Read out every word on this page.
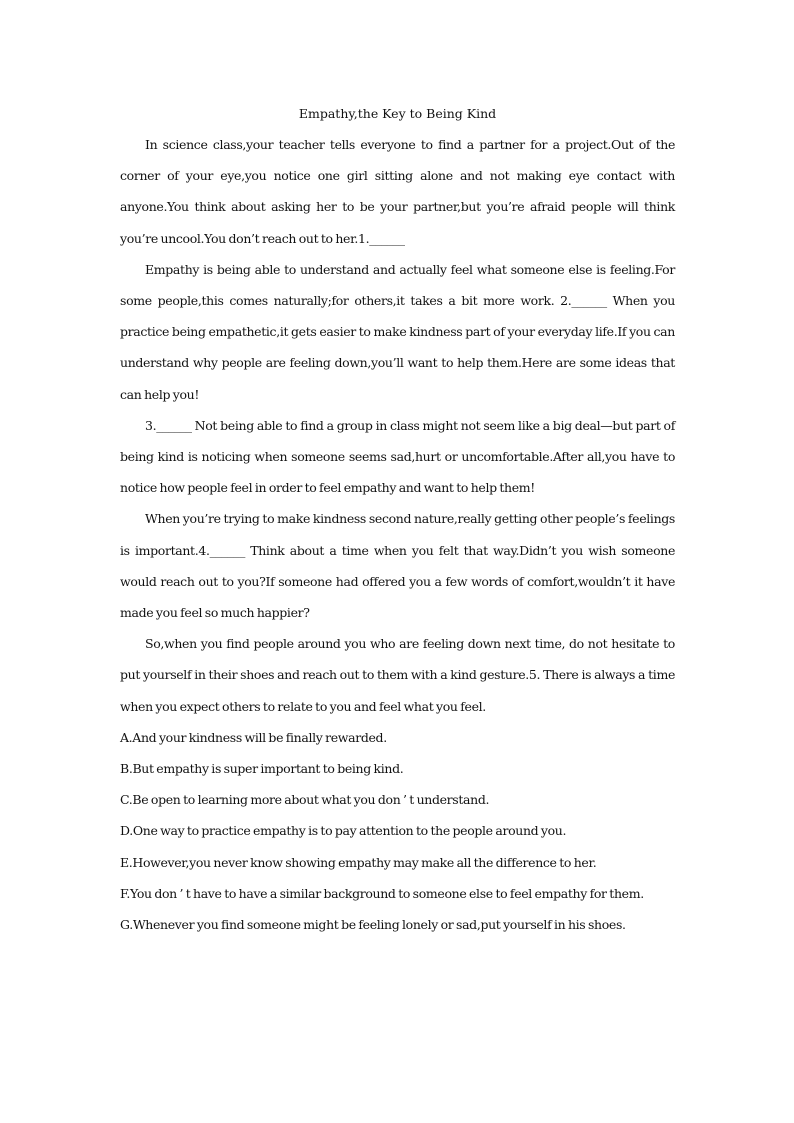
Empathy,the Key to Being Kind

In science class,your teacher tells everyone to find a partner for a project.Out of the corner of your eye,you notice one girl sitting alone and not making eye contact with anyone.You think about asking her to be your partner,but you’re afraid people will think you’re uncool.You don’t reach out to her.1.______

Empathy is being able to understand and actually feel what someone else is feeling.For some people,this comes naturally;for others,it takes a bit more work. 2.______ When you practice being empathetic,it gets easier to make kindness part of your everyday life.If you can understand why people are feeling down,you’ll want to help them.Here are some ideas that can help you!

3.______ Not being able to find a group in class might not seem like a big deal—but part of being kind is noticing when someone seems sad,hurt or uncomfortable.After all,you have to notice how people feel in order to feel empathy and want to help them!

When you’re trying to make kindness second nature,really getting other people’s feelings is important.4.______ Think about a time when you felt that way.Didn’t you wish someone would reach out to you?If someone had offered you a few words of comfort,wouldn’t it have made you feel so much happier?

So,when you find people around you who are feeling down next time, do not hesitate to put yourself in their shoes and reach out to them with a kind gesture.5. There is always a time when you expect others to relate to you and feel what you feel.

A.And your kindness will be finally rewarded.

B.But empathy is super important to being kind.

C.Be open to learning more about what you don ’ t understand.

D.One way to practice empathy is to pay attention to the people around you.

E.However,you never know showing empathy may make all the difference to her.

F.You don ’ t have to have a similar background to someone else to feel empathy for them.

G.Whenever you find someone might be feeling lonely or sad,put yourself in his shoes.
